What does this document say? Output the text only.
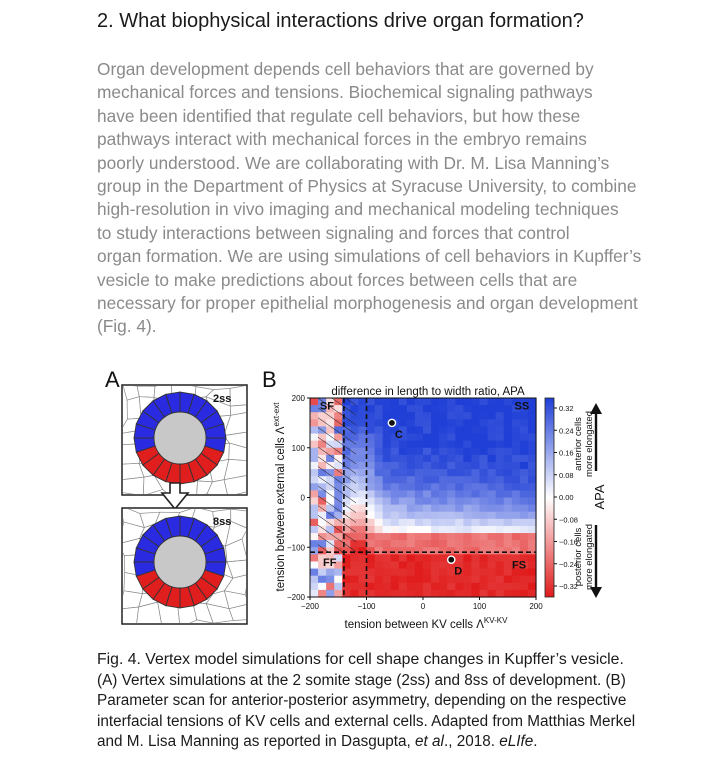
2. What biophysical interactions drive organ formation?
Organ development depends cell behaviors that are governed by
mechanical forces and tensions. Biochemical signaling pathways
have been identified that regulate cell behaviors, but how these
pathways interact with mechanical forces in the embryo remains
poorly understood. We are collaborating with Dr. M. Lisa Manning’s
group in the Department of Physics at Syracuse University, to combine
high-resolution in vivo imaging and mechanical modeling techniques
to study interactions between signaling and forces that control
organ formation. We are using simulations of cell behaviors in Kupffer’s
vesicle to make predictions about forces between cells that are
necessary for proper epithelial morphogenesis and organ development
(Fig. 4).
A	B
2ss
8ss
difference in length to width ratio, APA
C
D
SF	SS
FF	FS
−200	−100	0	100	200
200
100
0
−100
−200
tension between KV cells $\Lambda^{KV-KV}$
tension between external cells $\Lambda^{ext-ext}$	0.32
0.24
0.16
0.08
0.00
−0.08
−0.16
−0.24
−0.32
APA
anterior cells more elongated
posterior cells more elongated
Fig. 4. Vertex model simulations for cell shape changes in Kupffer’s vesicle.
(A) Vertex simulations at the 2 somite stage (2ss) and 8ss of development. (B)
Parameter scan for anterior-posterior asymmetry, depending on the respective
interfacial tensions of KV cells and external cells. Adapted from Matthias Merkel
and M. Lisa Manning as reported in Dasgupta, et al., 2018. eLIfe.
